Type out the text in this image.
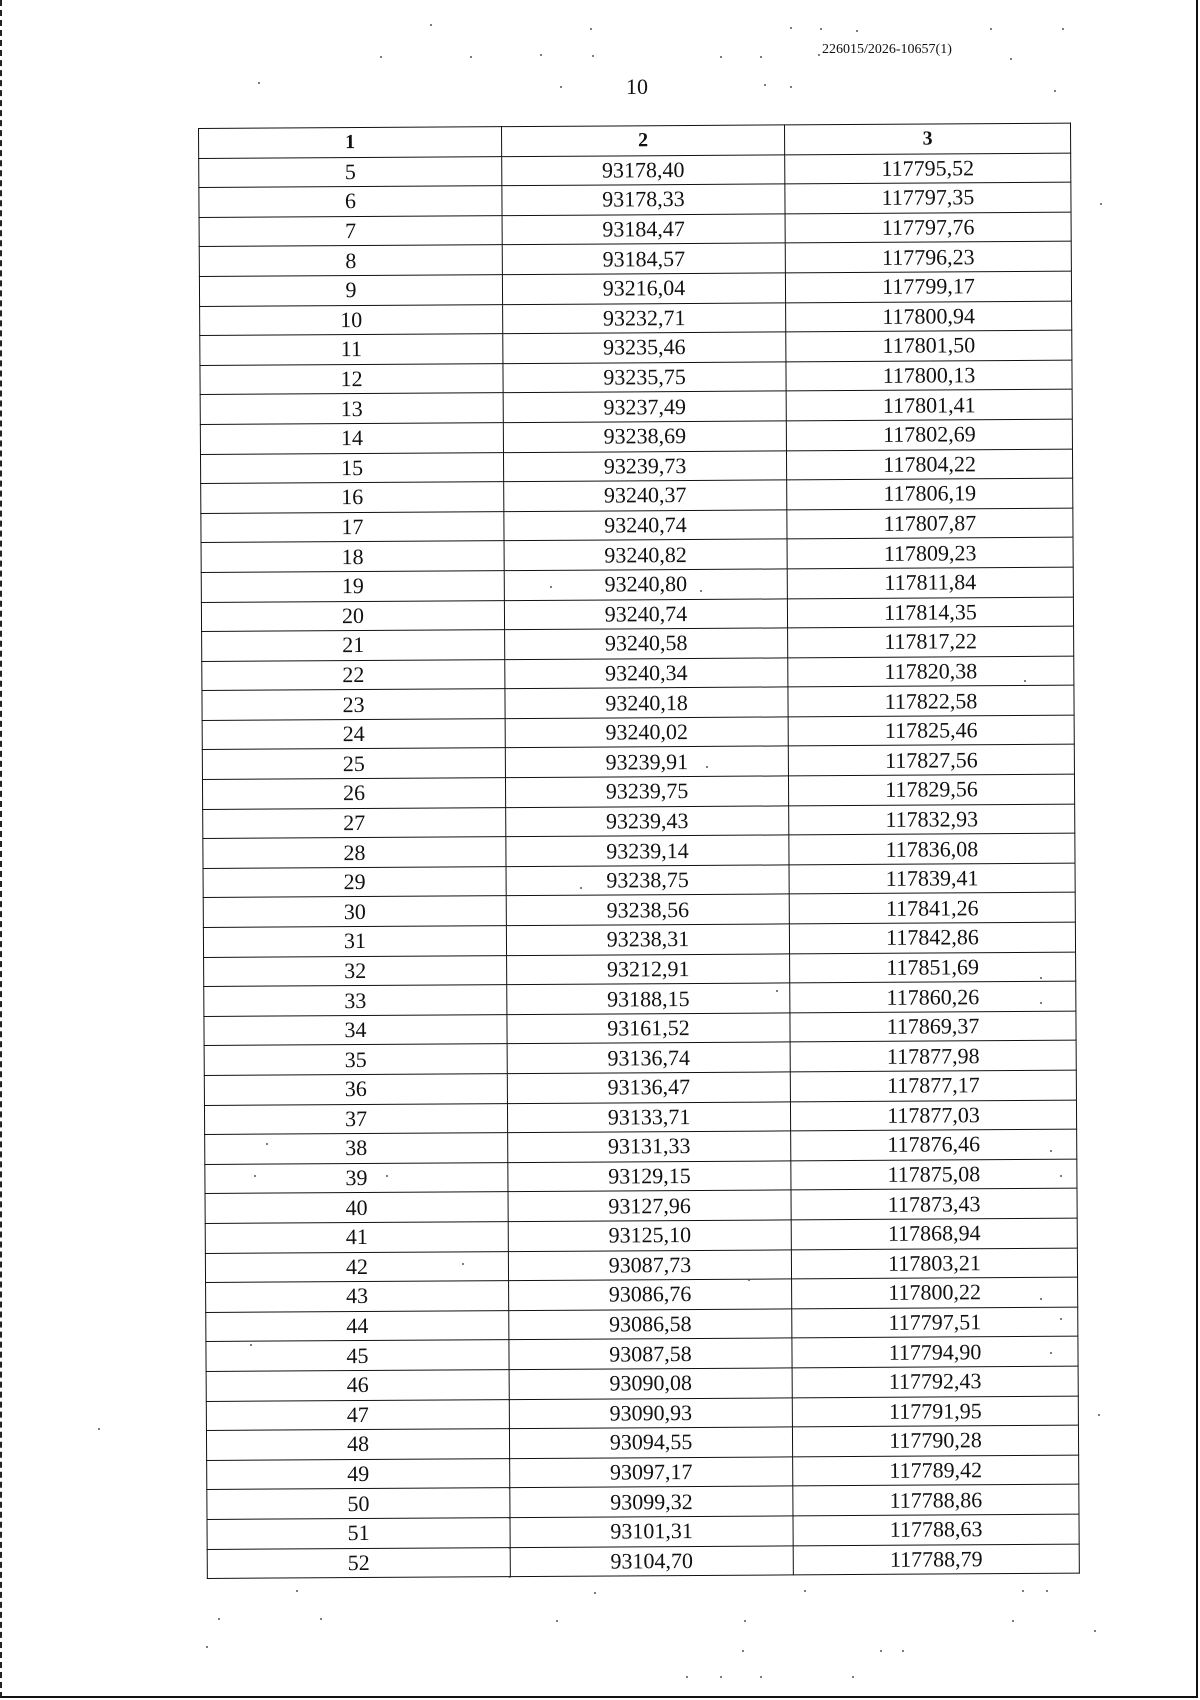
226015/2026-10657(1)
10
1	2	3
5	93178,40	117795,52
6	93178,33	117797,35
7	93184,47	117797,76
8	93184,57	117796,23
9	93216,04	117799,17
10	93232,71	117800,94
11	93235,46	117801,50
12	93235,75	117800,13
13	93237,49	117801,41
14	93238,69	117802,69
15	93239,73	117804,22
16	93240,37	117806,19
17	93240,74	117807,87
18	93240,82	117809,23
19	93240,80	117811,84
20	93240,74	117814,35
21	93240,58	117817,22
22	93240,34	117820,38
23	93240,18	117822,58
24	93240,02	117825,46
25	93239,91	117827,56
26	93239,75	117829,56
27	93239,43	117832,93
28	93239,14	117836,08
29	93238,75	117839,41
30	93238,56	117841,26
31	93238,31	117842,86
32	93212,91	117851,69
33	93188,15	117860,26
34	93161,52	117869,37
35	93136,74	117877,98
36	93136,47	117877,17
37	93133,71	117877,03
38	93131,33	117876,46
39	93129,15	117875,08
40	93127,96	117873,43
41	93125,10	117868,94
42	93087,73	117803,21
43	93086,76	117800,22
44	93086,58	117797,51
45	93087,58	117794,90
46	93090,08	117792,43
47	93090,93	117791,95
48	93094,55	117790,28
49	93097,17	117789,42
50	93099,32	117788,86
51	93101,31	117788,63
52	93104,70	117788,79
